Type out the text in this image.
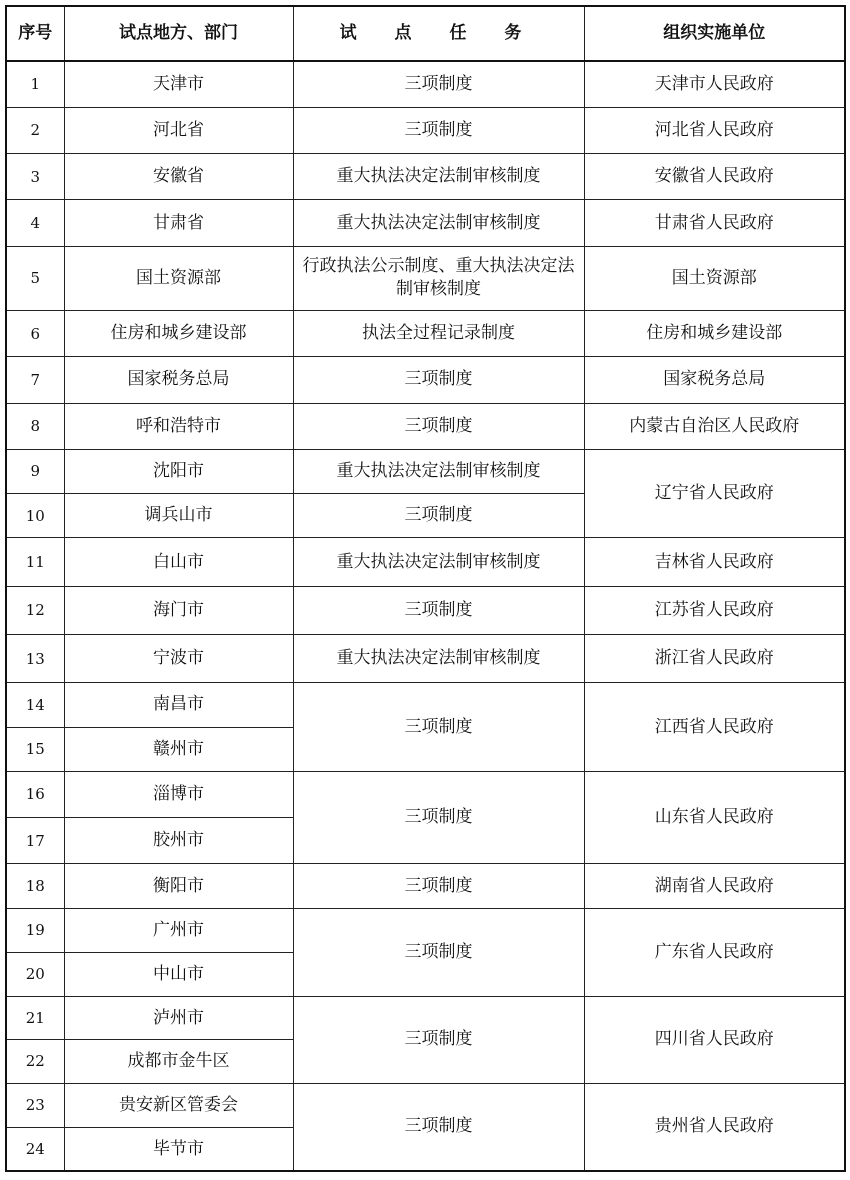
序号	试点地方、部门	试 点 任 务	组织实施单位
1	天津市	三项制度	天津市人民政府
2	河北省	三项制度	河北省人民政府
3	安徽省	重大执法决定法制审核制度	安徽省人民政府
4	甘肃省	重大执法决定法制审核制度	甘肃省人民政府
5	国土资源部	行政执法公示制度、重大执法决定法制审核制度	国土资源部
6	住房和城乡建设部	执法全过程记录制度	住房和城乡建设部
7	国家税务总局	三项制度	国家税务总局
8	呼和浩特市	三项制度	内蒙古自治区人民政府
9	沈阳市	重大执法决定法制审核制度	辽宁省人民政府
10	调兵山市	三项制度	
11	白山市	重大执法决定法制审核制度	吉林省人民政府
12	海门市	三项制度	江苏省人民政府
13	宁波市	重大执法决定法制审核制度	浙江省人民政府
14	南昌市	三项制度	江西省人民政府
15	赣州市		
16	淄博市	三项制度	山东省人民政府
17	胶州市		
18	衡阳市	三项制度	湖南省人民政府
19	广州市	三项制度	广东省人民政府
20	中山市		
21	泸州市	三项制度	四川省人民政府
22	成都市金牛区		
23	贵安新区管委会	三项制度	贵州省人民政府
24	毕节市		
